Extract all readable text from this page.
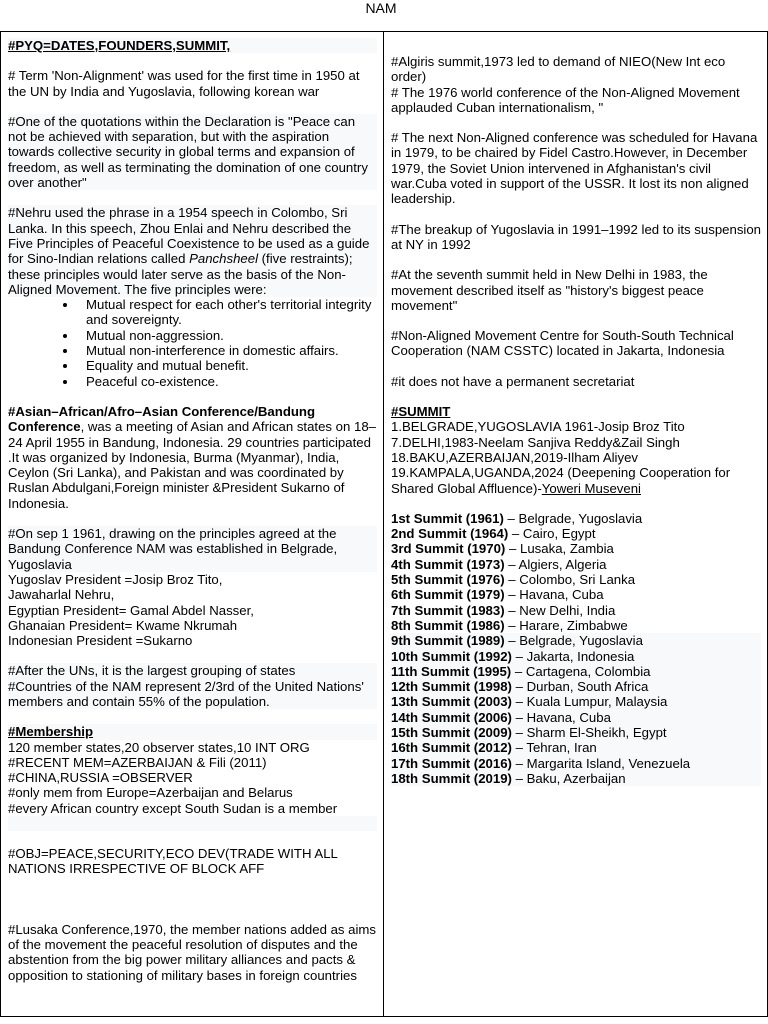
NAM

#PYQ=DATES,FOUNDERS,SUMMIT,

# Term 'Non-Alignment' was used for the first time in 1950 at the UN by India and Yugoslavia, following korean war

#One of the quotations within the Declaration is "Peace can not be achieved with separation, but with the aspiration towards collective security in global terms and expansion of freedom, as well as terminating the domination of one country over another"

#Nehru used the phrase in a 1954 speech in Colombo, Sri Lanka. In this speech, Zhou Enlai and Nehru described the Five Principles of Peaceful Coexistence to be used as a guide for Sino-Indian relations called Panchsheel (five restraints); these principles would later serve as the basis of the Non-Aligned Movement. The five principles were:

• Mutual respect for each other's territorial integrity and sovereignty.
• Mutual non-aggression.
• Mutual non-interference in domestic affairs.
• Equality and mutual benefit.
• Peaceful co-existence.

#Asian–African/Afro–Asian Conference/Bandung Conference, was a meeting of Asian and African states on 18–24 April 1955 in Bandung, Indonesia. 29 countries participated .It was organized by Indonesia, Burma (Myanmar), India, Ceylon (Sri Lanka), and Pakistan and was coordinated by Ruslan Abdulgani,Foreign minister &President Sukarno of Indonesia.

#On sep 1 1961, drawing on the principles agreed at the Bandung Conference NAM was established in Belgrade, Yugoslavia

Yugoslav President =Josip Broz Tito,

Jawaharlal Nehru,

Egyptian President= Gamal Abdel Nasser,

Ghanaian President= Kwame Nkrumah

Indonesian President =Sukarno

#After the UNs, it is the largest grouping of states

#Countries of the NAM represent 2/3rd of the United Nations' members and contain 55% of the population.

#Membership

120 member states,20 observer states,10 INT ORG

#RECENT MEM=AZERBAIJAN & Fili (2011)

#CHINA,RUSSIA =OBSERVER

#only mem from Europe=Azerbaijan and Belarus

#every African country except South Sudan is a member

#OBJ=PEACE,SECURITY,ECO DEV(TRADE WITH ALL NATIONS IRRESPECTIVE OF BLOCK AFF

#Lusaka Conference,1970, the member nations added as aims of the movement the peaceful resolution of disputes and the abstention from the big power military alliances and pacts & opposition to stationing of military bases in foreign countries

#Algiris summit,1973 led to demand of NIEO(New Int eco order)

# The 1976 world conference of the Non-Aligned Movement applauded Cuban internationalism, "

# The next Non-Aligned conference was scheduled for Havana in 1979, to be chaired by Fidel Castro.However, in December 1979, the Soviet Union intervened in Afghanistan's civil war.Cuba voted in support of the USSR. It lost its non aligned leadership.

#The breakup of Yugoslavia in 1991–1992 led to its suspension at NY in 1992

#At the seventh summit held in New Delhi in 1983, the movement described itself as "history's biggest peace movement"

#Non-Aligned Movement Centre for South-South Technical Cooperation (NAM CSSTC) located in Jakarta, Indonesia

#it does not have a permanent secretariat

#SUMMIT

1.BELGRADE,YUGOSLAVIA 1961-Josip Broz Tito

7.DELHI,1983-Neelam Sanjiva Reddy&Zail Singh

18.BAKU,AZERBAIJAN,2019-Ilham Aliyev

19.KAMPALA,UGANDA,2024 (Deepening Cooperation for Shared Global Affluence)-Yoweri Museveni

1st Summit (1961) – Belgrade, Yugoslavia

2nd Summit (1964) – Cairo, Egypt

3rd Summit (1970) – Lusaka, Zambia

4th Summit (1973) – Algiers, Algeria

5th Summit (1976) – Colombo, Sri Lanka

6th Summit (1979) – Havana, Cuba

7th Summit (1983) – New Delhi, India

8th Summit (1986) – Harare, Zimbabwe

9th Summit (1989) – Belgrade, Yugoslavia

10th Summit (1992) – Jakarta, Indonesia

11th Summit (1995) – Cartagena, Colombia

12th Summit (1998) – Durban, South Africa

13th Summit (2003) – Kuala Lumpur, Malaysia

14th Summit (2006) – Havana, Cuba

15th Summit (2009) – Sharm El-Sheikh, Egypt

16th Summit (2012) – Tehran, Iran

17th Summit (2016) – Margarita Island, Venezuela

18th Summit (2019) – Baku, Azerbaijan
